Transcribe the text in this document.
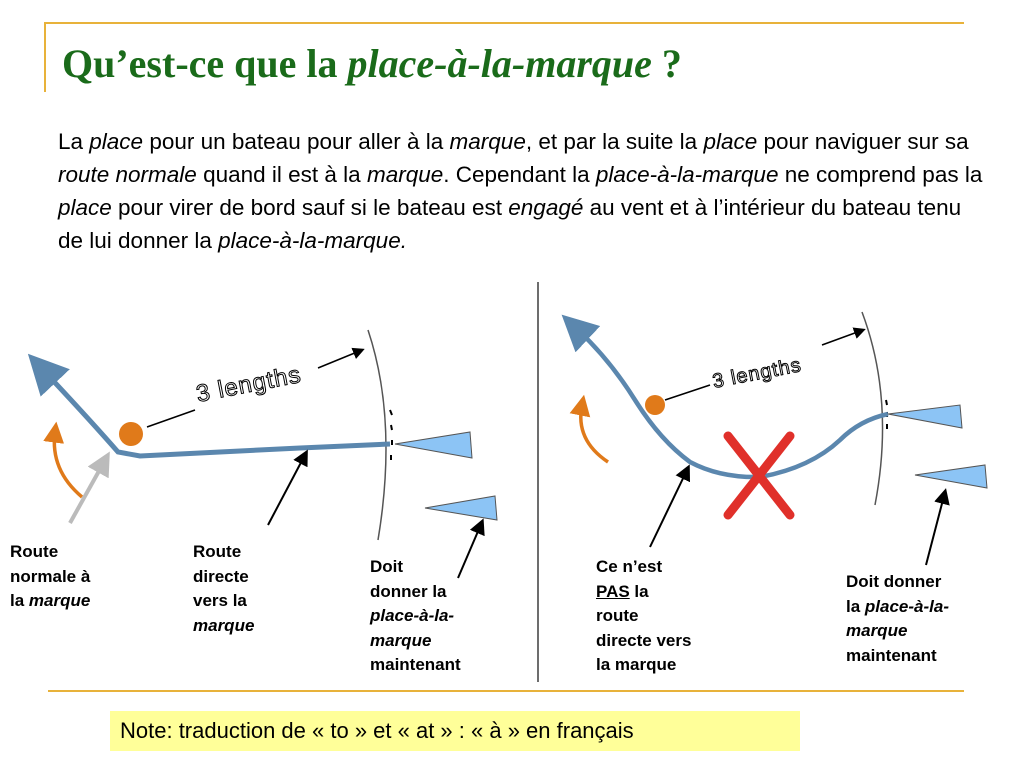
Qu’est-ce que la place-à-la-marque ?
La place pour un bateau pour aller à la marque, et par la suite la place pour naviguer sur sa route normale quand il est à la marque. Cependant la place-à-la-marque ne comprend pas la place pour virer de bord sauf si le bateau est engagé au vent et à l’intérieur du bateau tenu de lui donner la place-à-la-marque.
3 lengths	3 lengths
Route
normale à
la marque
Route
directe
vers la
marque
Doit
donner la
place-à-la-
marque
maintenant
Ce n’est
PAS la
route
directe vers
la marque
Doit donner
la place-à-la-
marque
maintenant
Note: traduction de « to » et « at » : « à » en français
